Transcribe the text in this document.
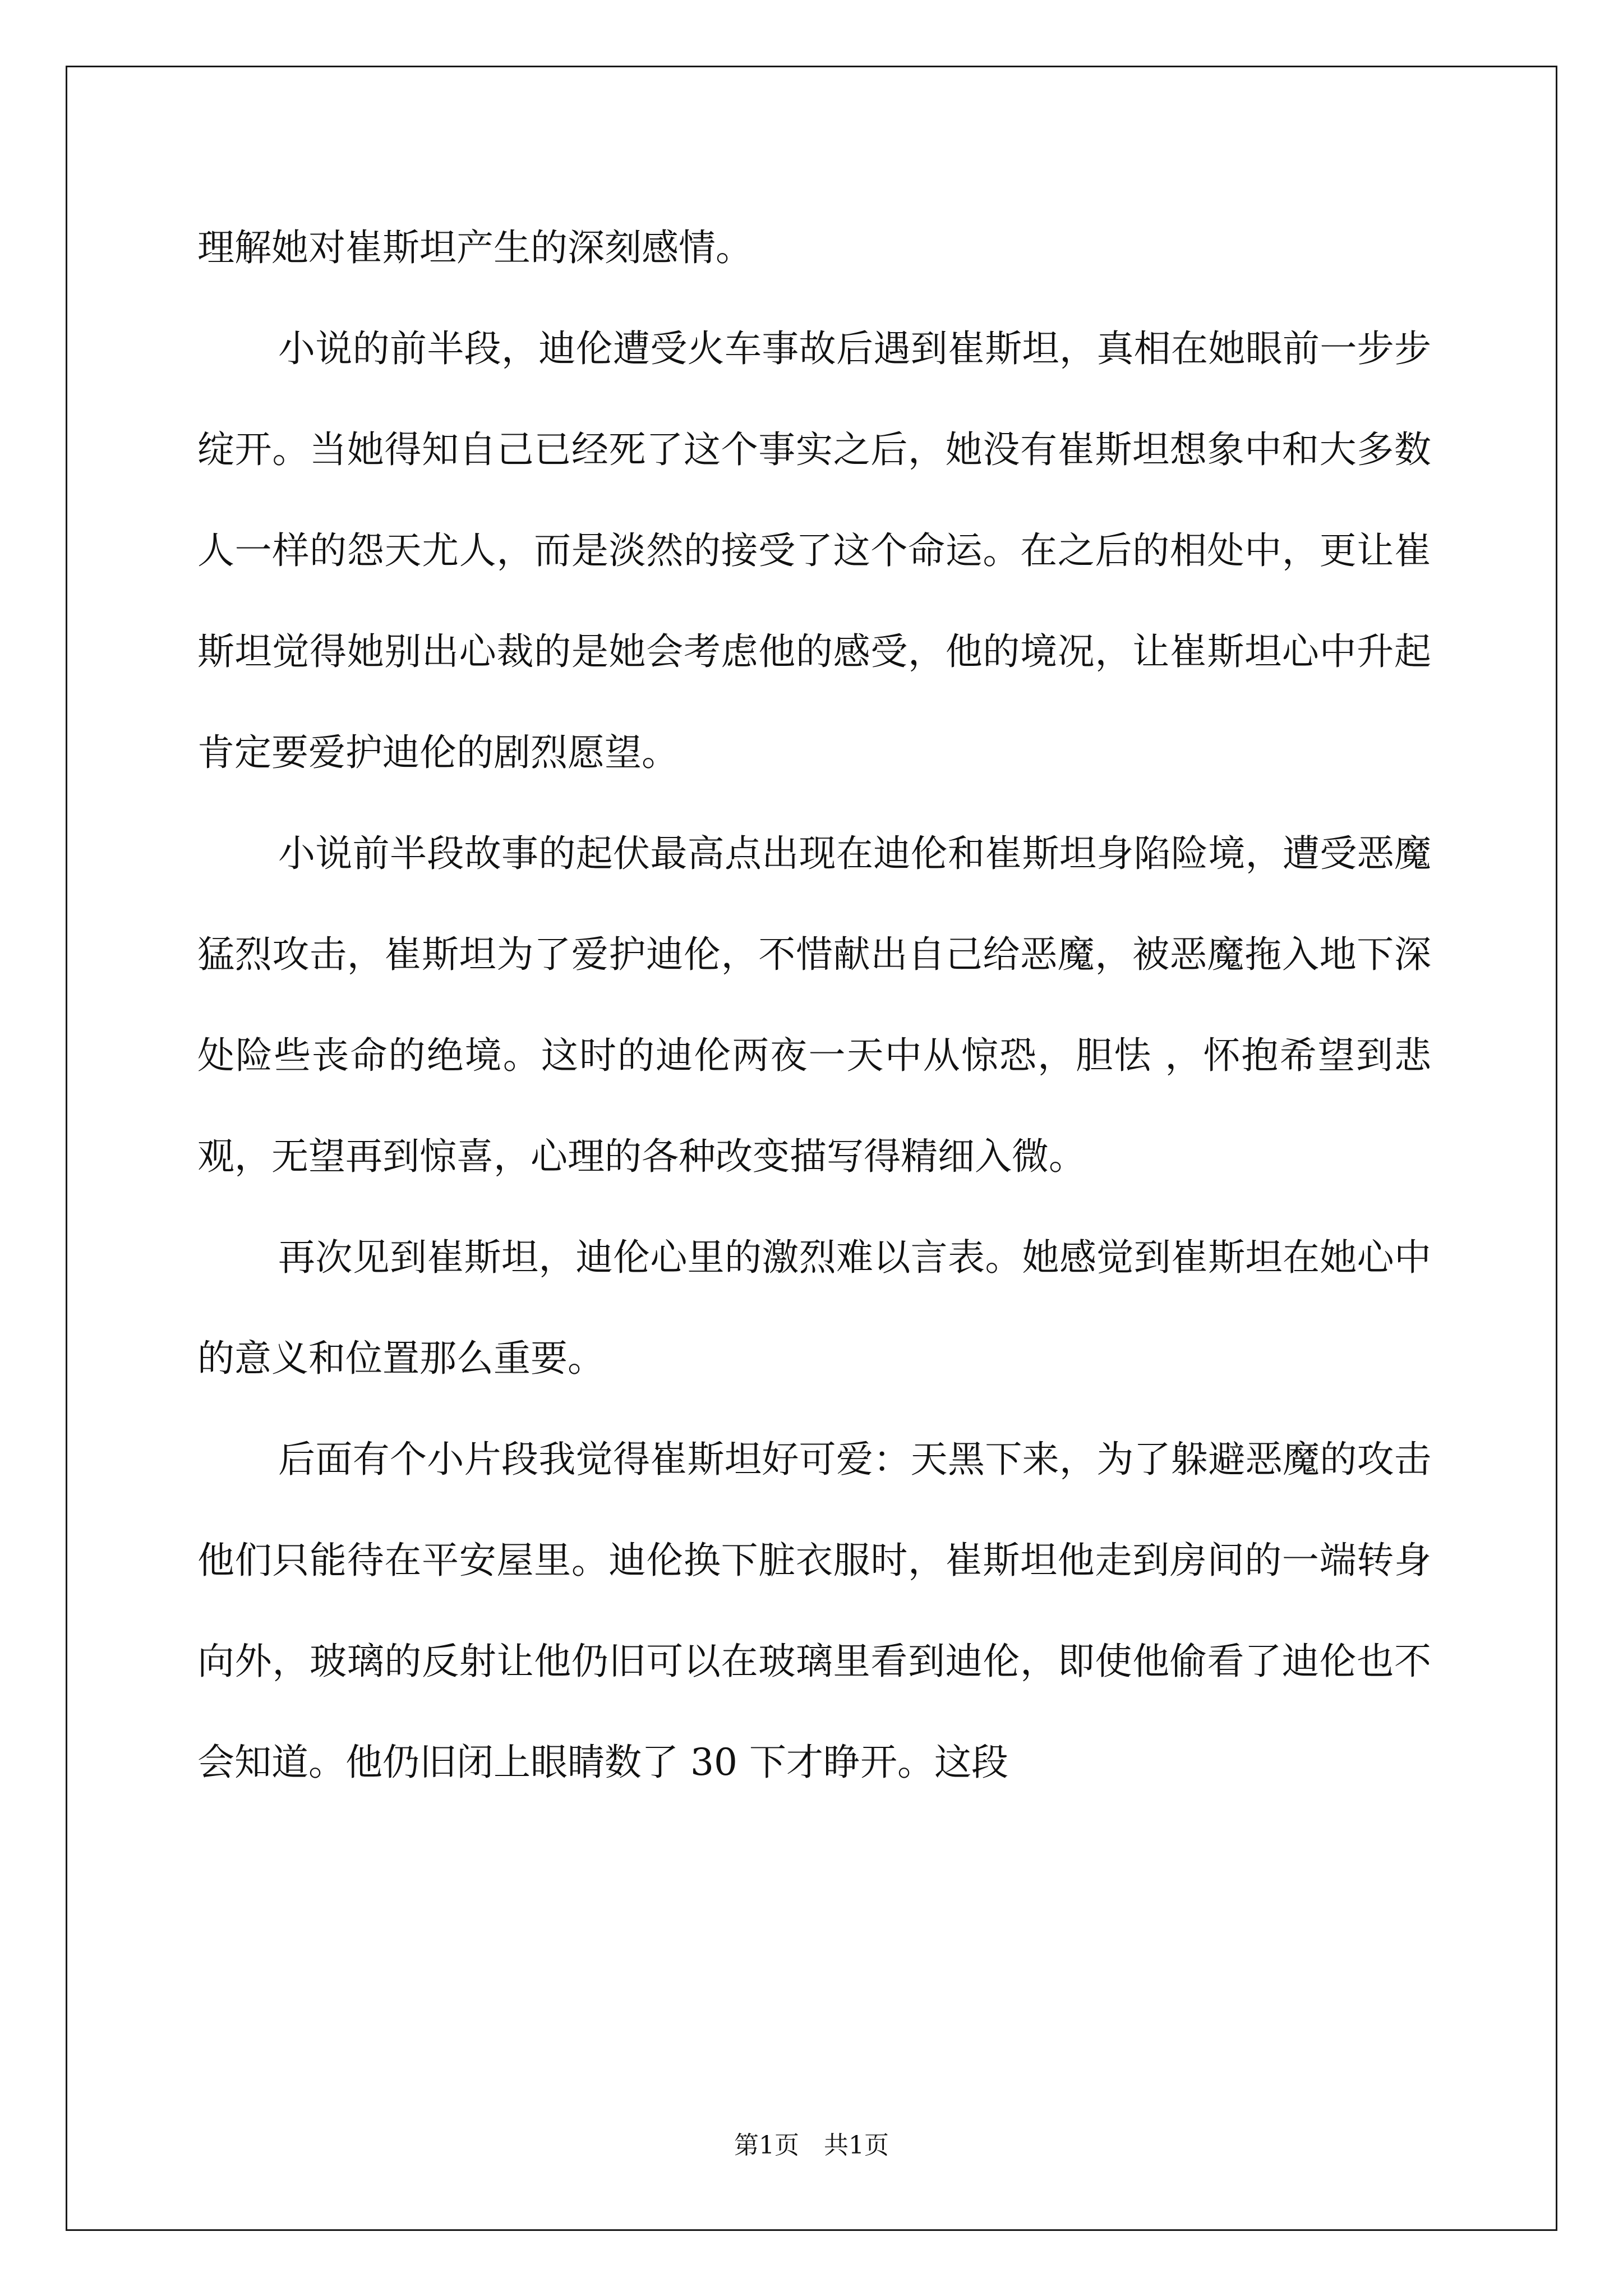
理解她对崔斯坦产生的深刻感情。

小说的前半段，迪伦遭受火车事故后遇到崔斯坦，真相在她眼前一步步绽开。当她得知自己已经死了这个事实之后，她没有崔斯坦想象中和大多数人一样的怨天尤人，而是淡然的接受了这个命运。在之后的相处中，更让崔斯坦觉得她别出心裁的是她会考虑他的感受，他的境况，让崔斯坦心中升起肯定要爱护迪伦的剧烈愿望。

小说前半段故事的起伏最高点出现在迪伦和崔斯坦身陷险境，遭受恶魔猛烈攻击，崔斯坦为了爱护迪伦，不惜献出自己给恶魔，被恶魔拖入地下深处险些丧命的绝境。这时的迪伦两夜一天中从惊恐，胆怯 ，怀抱希望到悲观，无望再到惊喜，心理的各种改变描写得精细入微。

再次见到崔斯坦，迪伦心里的激烈难以言表。她感觉到崔斯坦在她心中的意义和位置那么重要。

后面有个小片段我觉得崔斯坦好可爱：天黑下来，为了躲避恶魔的攻击他们只能待在平安屋里。迪伦换下脏衣服时，崔斯坦他走到房间的一端转身向外，玻璃的反射让他仍旧可以在玻璃里看到迪伦，即使他偷看了迪伦也不会知道。他仍旧闭上眼睛数了 30 下才睁开。这段

第1页　共1页
